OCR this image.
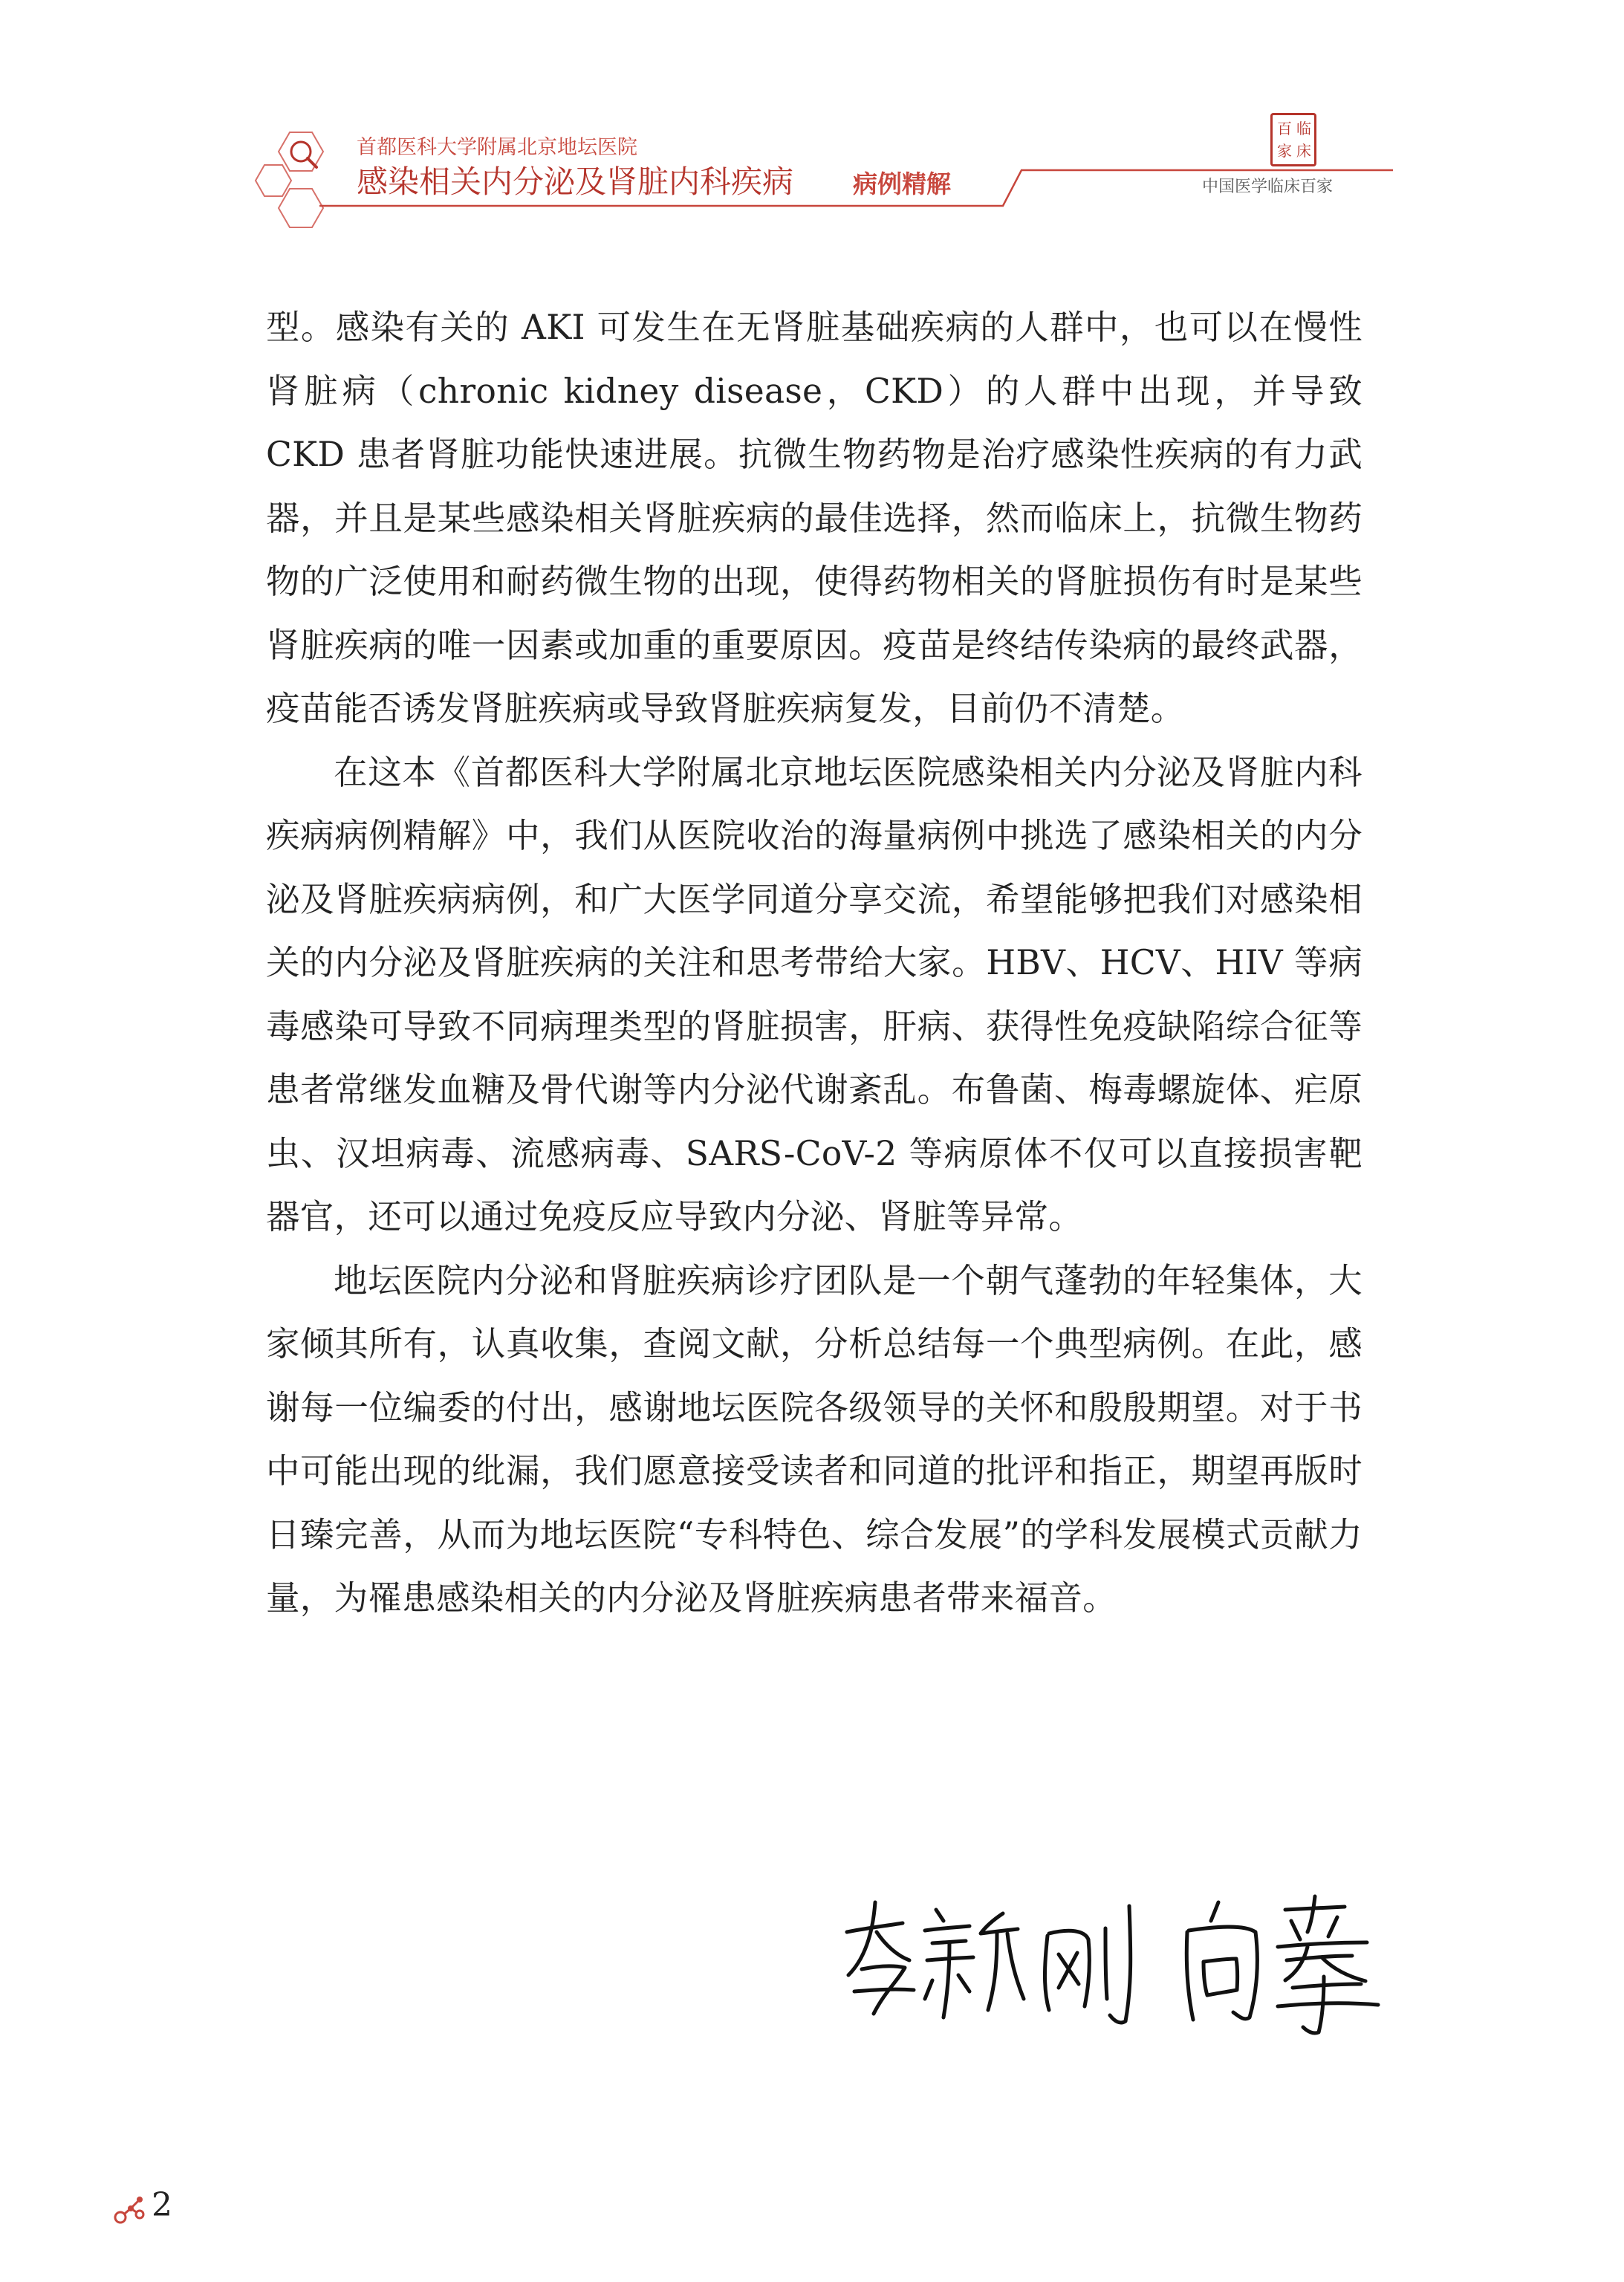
首都医科大学附属北京地坛医院
感染相关内分泌及肾脏内科疾病 病例精解
百 临
家 床
中国医学临床百家

型。感染有关的 AKI 可发生在无肾脏基础疾病的人群中，也可以在慢性肾脏病（chronic kidney disease，CKD）的人群中出现，并导致 CKD 患者肾脏功能快速进展。抗微生物药物是治疗感染性疾病的有力武器，并且是某些感染相关肾脏疾病的最佳选择，然而临床上，抗微生物药物的广泛使用和耐药微生物的出现，使得药物相关的肾脏损伤有时是某些肾脏疾病的唯一因素或加重的重要原因。疫苗是终结传染病的最终武器，疫苗能否诱发肾脏疾病或导致肾脏疾病复发，目前仍不清楚。

在这本《首都医科大学附属北京地坛医院感染相关内分泌及肾脏内科疾病病例精解》中，我们从医院收治的海量病例中挑选了感染相关的内分泌及肾脏疾病病例，和广大医学同道分享交流，希望能够把我们对感染相关的内分泌及肾脏疾病的关注和思考带给大家。HBV、HCV、HIV 等病毒感染可导致不同病理类型的肾脏损害，肝病、获得性免疫缺陷综合征等患者常继发血糖及骨代谢等内分泌代谢紊乱。布鲁菌、梅毒螺旋体、疟原虫、汉坦病毒、流感病毒、SARS-CoV-2 等病原体不仅可以直接损害靶器官，还可以通过免疫反应导致内分泌、肾脏等异常。

地坛医院内分泌和肾脏疾病诊疗团队是一个朝气蓬勃的年轻集体，大家倾其所有，认真收集，查阅文献，分析总结每一个典型病例。在此，感谢每一位编委的付出，感谢地坛医院各级领导的关怀和殷殷期望。对于书中可能出现的纰漏，我们愿意接受读者和同道的批评和指正，期望再版时日臻完善，从而为地坛医院“专科特色、综合发展”的学科发展模式贡献力量，为罹患感染相关的内分泌及肾脏疾病患者带来福音。

2
